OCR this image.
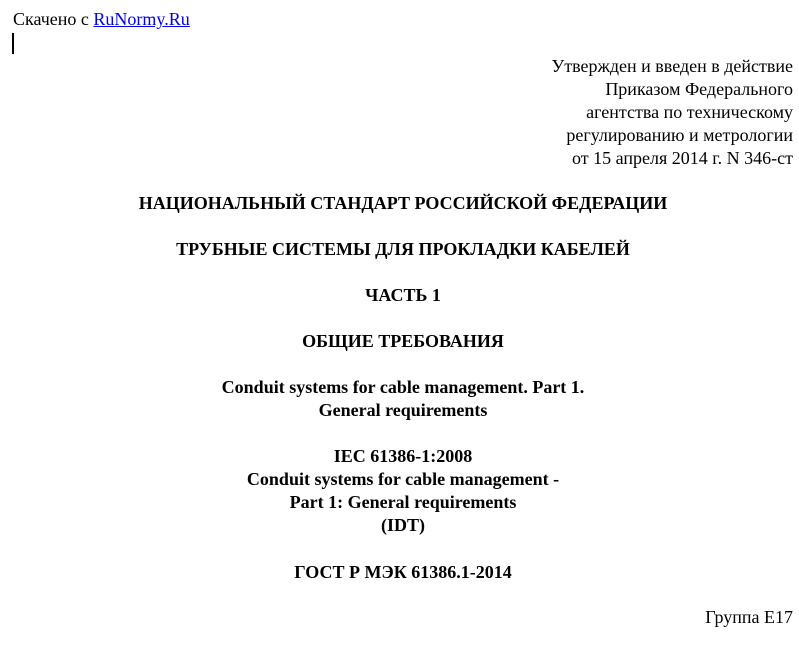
Скачено с RuNormy.Ru
Утвержден и введен в действие
Приказом Федерального
агентства по техническому
регулированию и метрологии
от 15 апреля 2014 г. N 346-ст
НАЦИОНАЛЬНЫЙ СТАНДАРТ РОССИЙСКОЙ ФЕДЕРАЦИИ
ТРУБНЫЕ СИСТЕМЫ ДЛЯ ПРОКЛАДКИ КАБЕЛЕЙ
ЧАСТЬ 1
ОБЩИЕ ТРЕБОВАНИЯ
Conduit systems for cable management. Part 1.
General requirements
IEC 61386-1:2008
Conduit systems for cable management -
Part 1: General requirements
(IDT)
ГОСТ Р МЭК 61386.1-2014
Группа Е17
